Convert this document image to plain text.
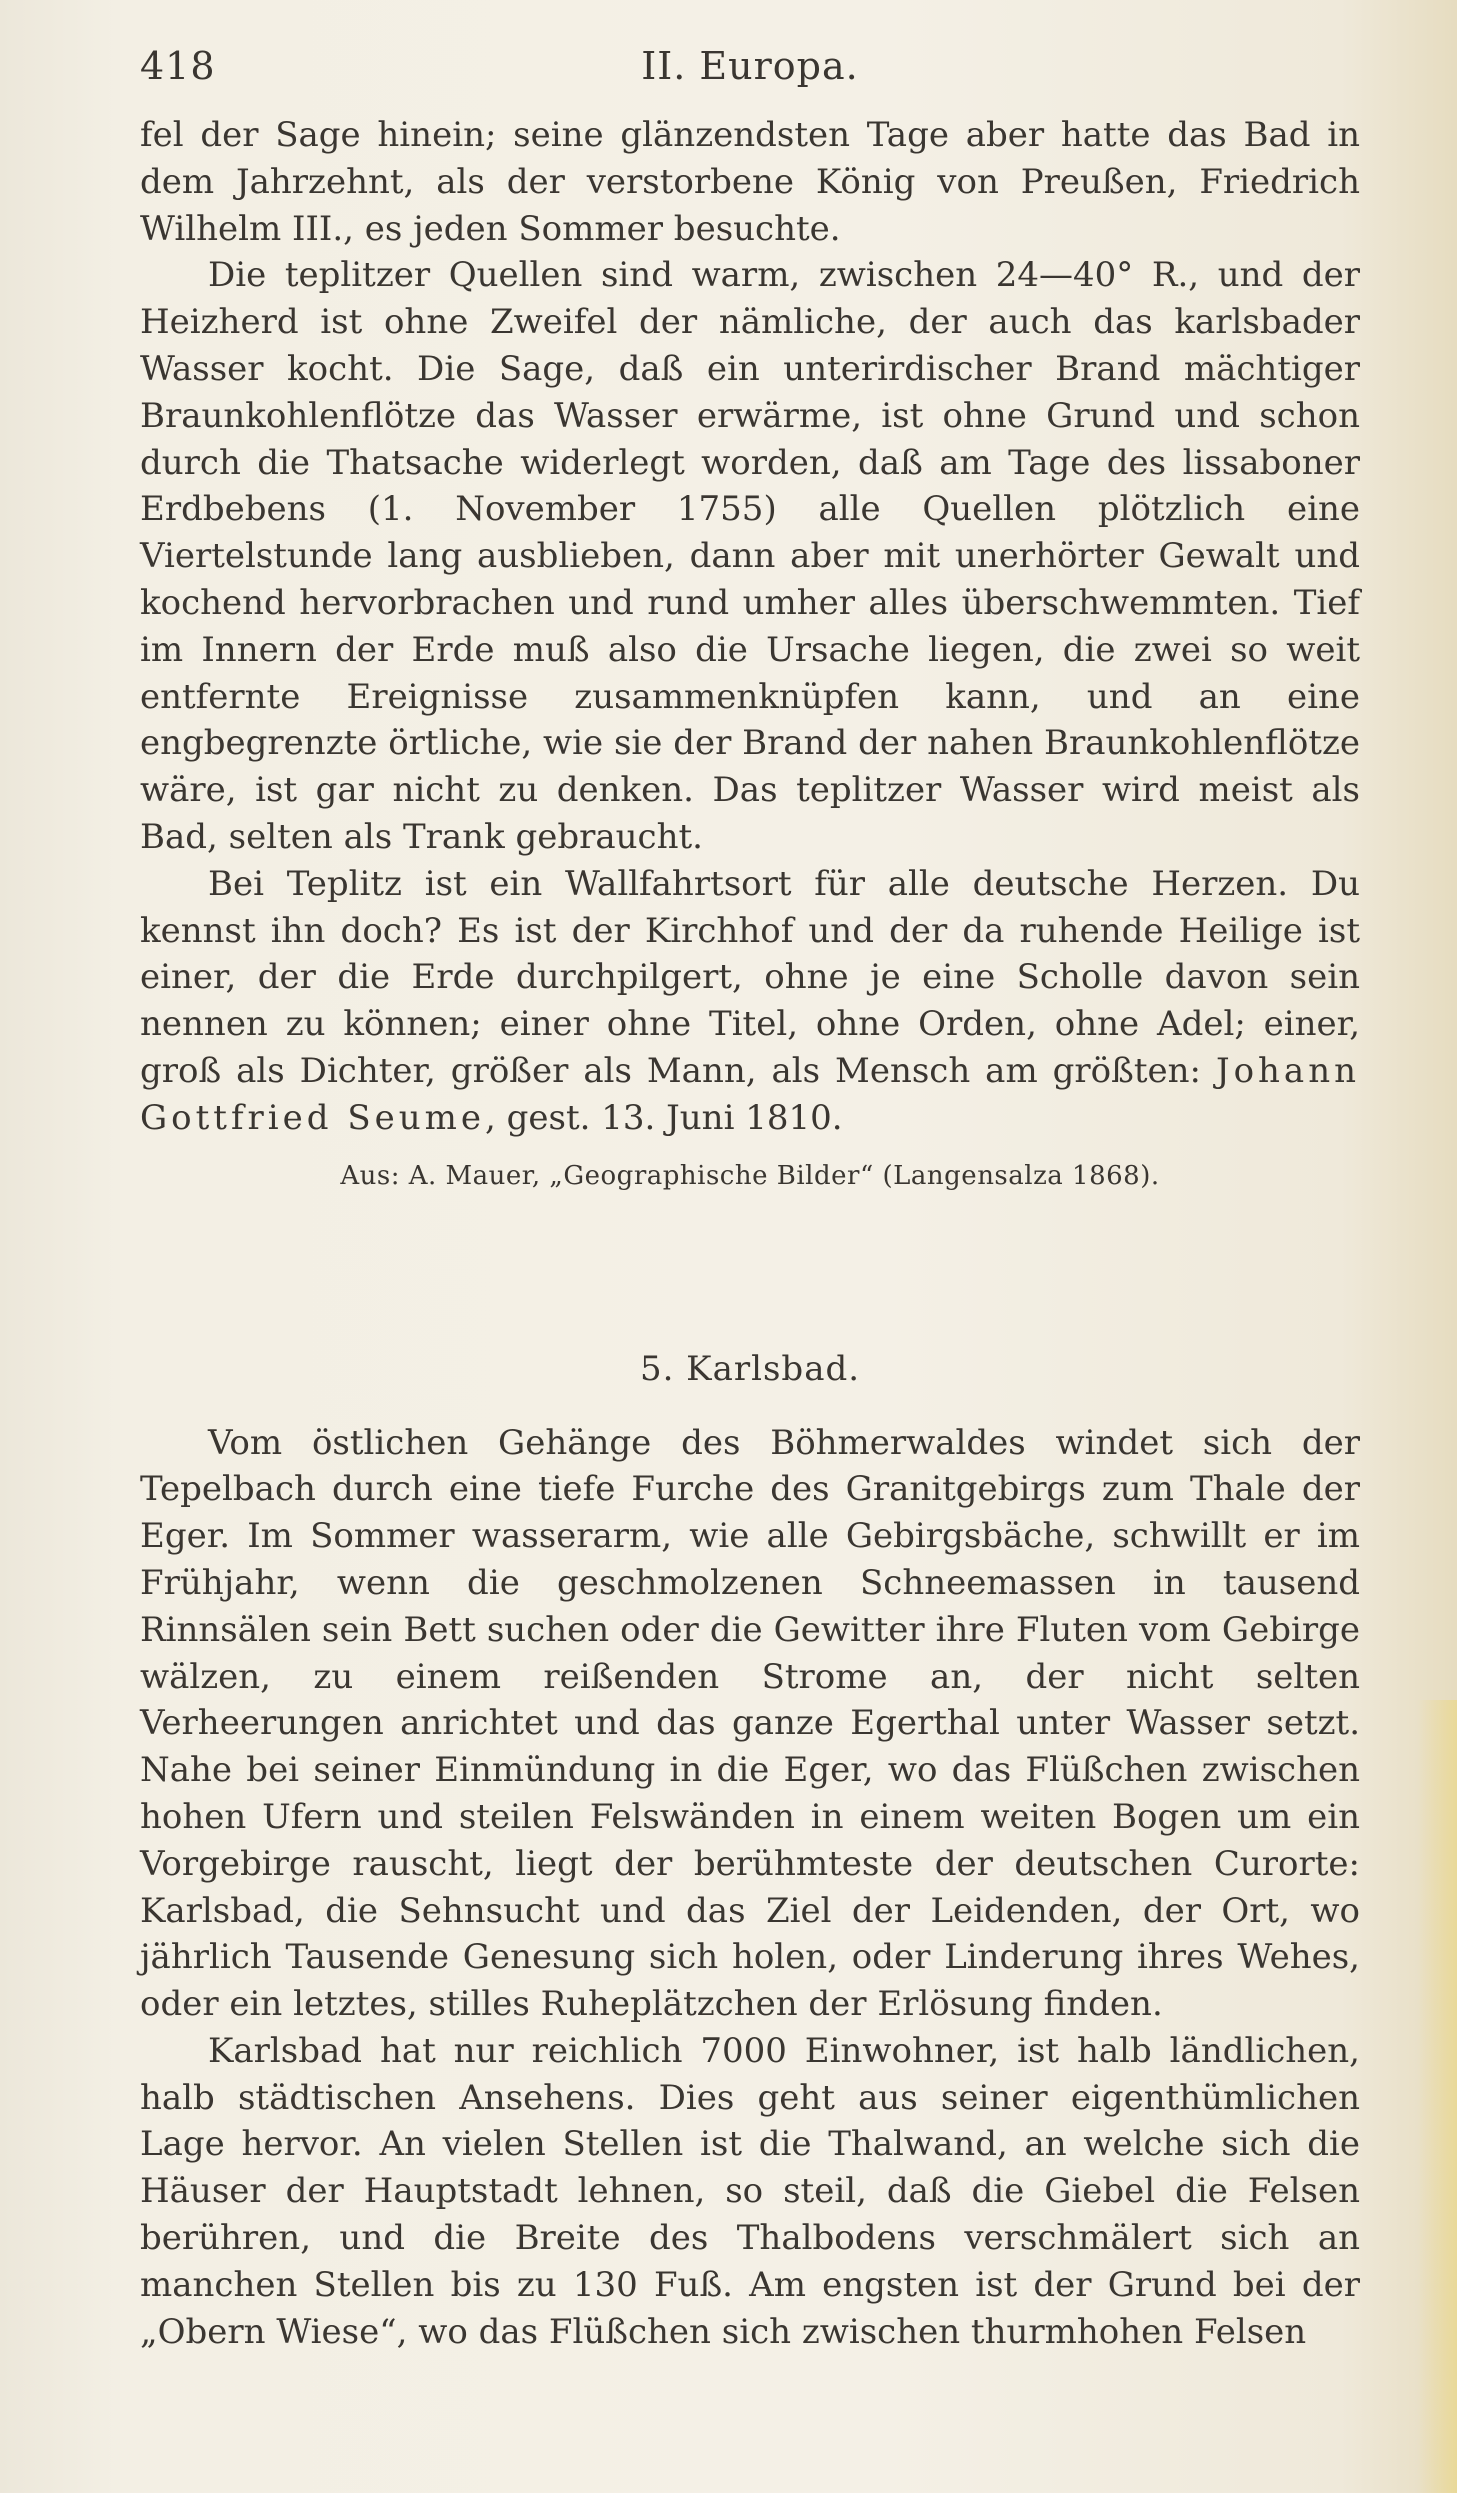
418	II. Europa.

fel der Sage hinein; seine glänzendsten Tage aber hatte das Bad in dem Jahrzehnt, als der verstorbene König von Preußen, Friedrich Wilhelm III., es jeden Sommer besuchte.

Die teplitzer Quellen sind warm, zwischen 24—40° R., und der Heizherd ist ohne Zweifel der nämliche, der auch das karlsbader Wasser kocht. Die Sage, daß ein unterirdischer Brand mächtiger Braunkohlenflötze das Wasser erwärme, ist ohne Grund und schon durch die Thatsache widerlegt worden, daß am Tage des lissaboner Erdbebens (1. November 1755) alle Quellen plötzlich eine Viertelstunde lang ausblieben, dann aber mit unerhörter Gewalt und kochend hervorbrachen und rund umher alles überschwemmten. Tief im Innern der Erde muß also die Ursache liegen, die zwei so weit entfernte Ereignisse zusammenknüpfen kann, und an eine engbegrenzte örtliche, wie sie der Brand der nahen Braunkohlenflötze wäre, ist gar nicht zu denken. Das teplitzer Wasser wird meist als Bad, selten als Trank gebraucht.

Bei Teplitz ist ein Wallfahrtsort für alle deutsche Herzen. Du kennst ihn doch? Es ist der Kirchhof und der da ruhende Heilige ist einer, der die Erde durchpilgert, ohne je eine Scholle davon sein nennen zu können; einer ohne Titel, ohne Orden, ohne Adel; einer, groß als Dichter, größer als Mann, als Mensch am größten: Johann Gottfried Seume, gest. 13. Juni 1810.

Aus: A. Mauer, „Geographische Bilder“ (Langensalza 1868).
5. Karlsbad.

Vom östlichen Gehänge des Böhmerwaldes windet sich der Tepelbach durch eine tiefe Furche des Granitgebirgs zum Thale der Eger. Im Sommer wasserarm, wie alle Gebirgsbäche, schwillt er im Frühjahr, wenn die geschmolzenen Schneemassen in tausend Rinnsälen sein Bett suchen oder die Gewitter ihre Fluten vom Gebirge wälzen, zu einem reißenden Strome an, der nicht selten Verheerungen anrichtet und das ganze Egerthal unter Wasser setzt. Nahe bei seiner Einmündung in die Eger, wo das Flüßchen zwischen hohen Ufern und steilen Felswänden in einem weiten Bogen um ein Vorgebirge rauscht, liegt der berühmteste der deutschen Curorte: Karlsbad, die Sehnsucht und das Ziel der Leidenden, der Ort, wo jährlich Tausende Genesung sich holen, oder Linderung ihres Wehes, oder ein letztes, stilles Ruheplätzchen der Erlösung finden.

Karlsbad hat nur reichlich 7000 Einwohner, ist halb ländlichen, halb städtischen Ansehens. Dies geht aus seiner eigenthümlichen Lage hervor. An vielen Stellen ist die Thalwand, an welche sich die Häuser der Hauptstadt lehnen, so steil, daß die Giebel die Felsen berühren, und die Breite des Thalbodens verschmälert sich an manchen Stellen bis zu 130 Fuß. Am engsten ist der Grund bei der „Obern Wiese“, wo das Flüßchen sich zwischen thurmhohen Felsen
